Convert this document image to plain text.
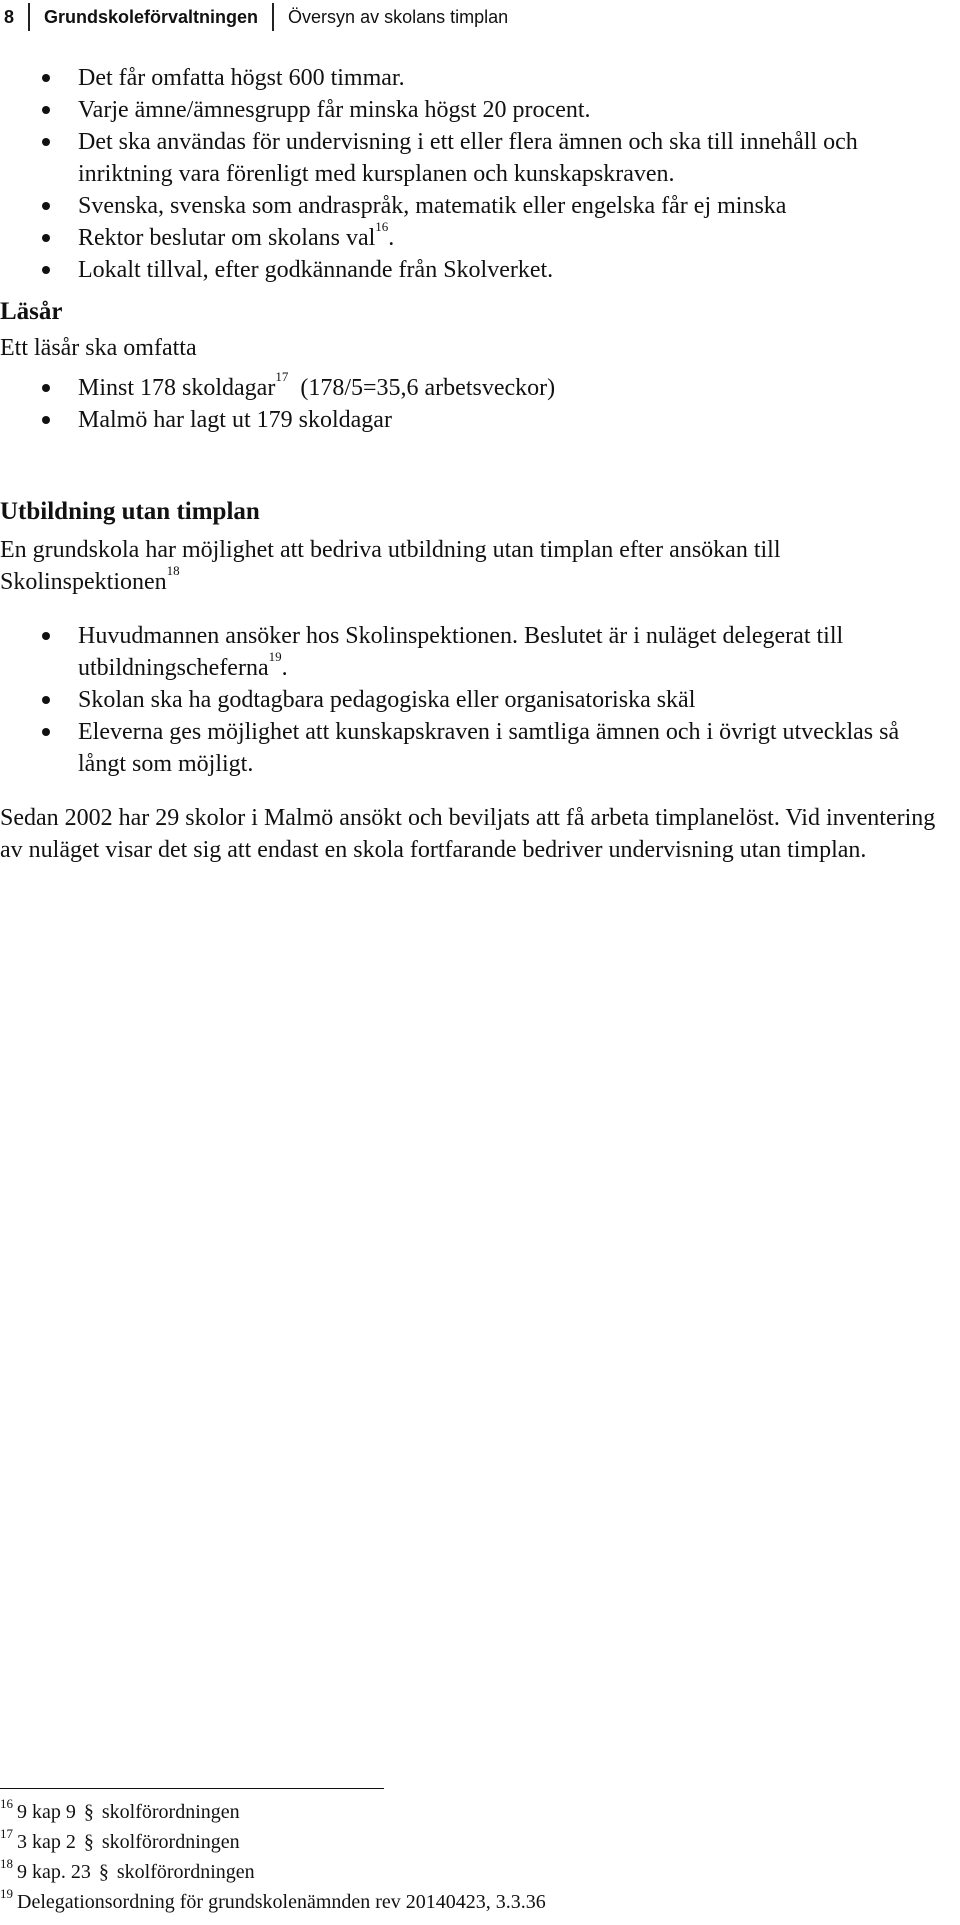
8 Grundskoleförvaltningen Översyn av skolans timplan
Det får omfatta högst 600 timmar.
Varje ämne/ämnesgrupp får minska högst 20 procent.
Det ska användas för undervisning i ett eller flera ämnen och ska till innehåll och inriktning vara förenligt med kursplanen och kunskapskraven.
Svenska, svenska som andraspråk, matematik eller engelska får ej minska
Rektor beslutar om skolans val$^{16}$.
Lokalt tillval, efter godkännande från Skolverket.
Läsår

Ett läsår ska omfatta

Minst 178 skoldagar$^{17}$  (178/5=35,6 arbetsveckor)
Malmö har lagt ut 179 skoldagar
Utbildning utan timplan

En grundskola har möjlighet att bedriva utbildning utan timplan efter ansökan till Skolinspektionen$^{18}$

Huvudmannen ansöker hos Skolinspektionen. Beslutet är i nuläget delegerat till utbildningscheferna$^{19}$.
Skolan ska ha godtagbara pedagogiska eller organisatoriska skäl
Eleverna ges möjlighet att kunskapskraven i samtliga ämnen och i övrigt utvecklas så långt som möjligt.

Sedan 2002 har 29 skolor i Malmö ansökt och beviljats att få arbeta timplanelöst. Vid inventering av nuläget visar det sig att endast en skola fortfarande bedriver undervisning utan timplan.

$^{16}$ 9 kap 9 § skolförordningen
$^{17}$ 3 kap 2 § skolförordningen
$^{18}$ 9 kap. 23 § skolförordningen
$^{19}$ Delegationsordning för grundskolenämnden rev 20140423, 3.3.36
